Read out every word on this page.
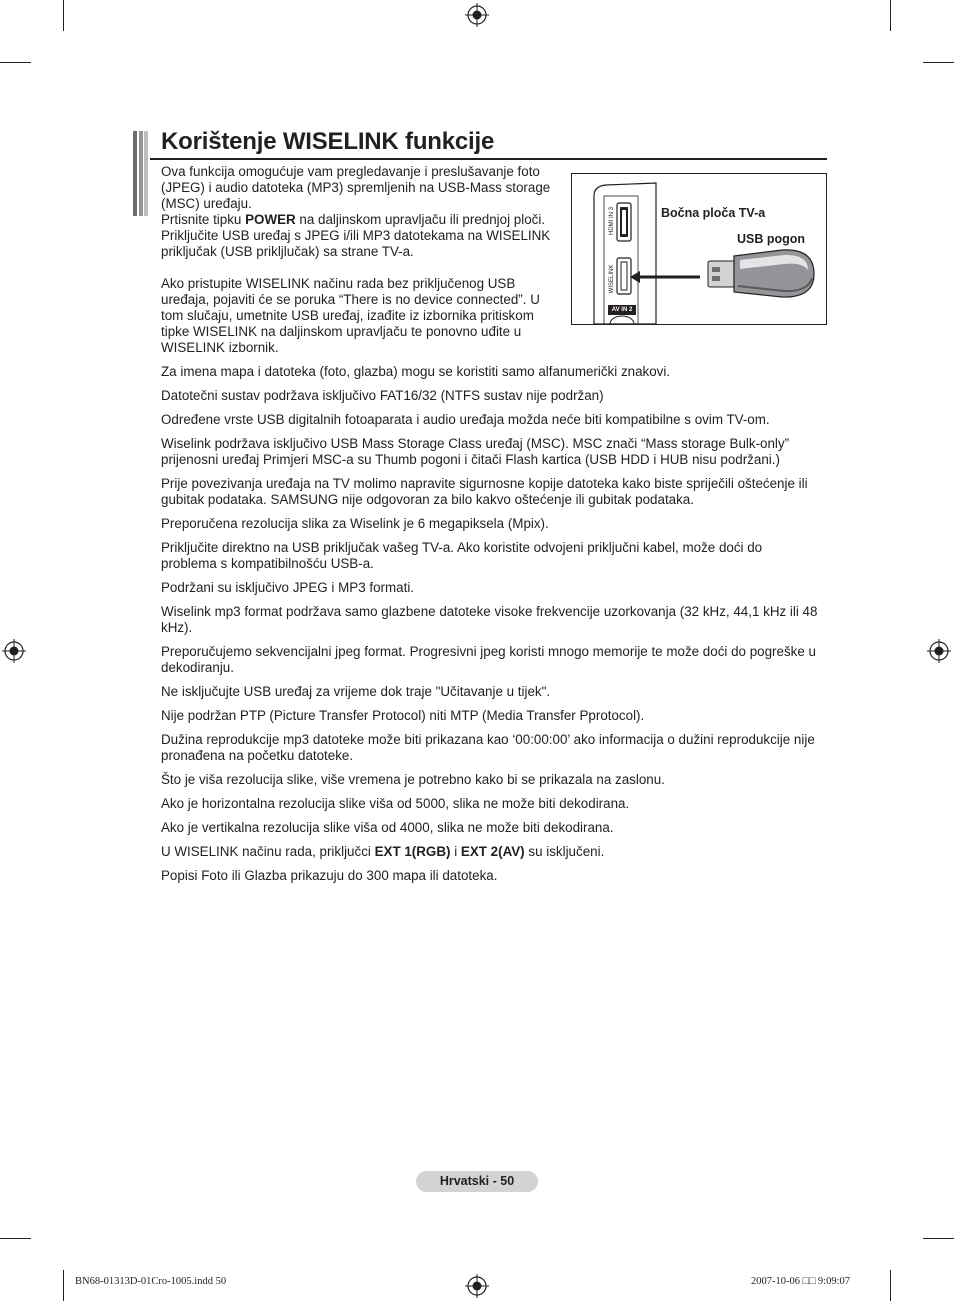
Korištenje WISELINK funkcije

Ova funkcija omogućuje vam pregledavanje i preslušavanje foto (JPEG) i audio datoteka (MP3) spremljenih na USB-Mass storage (MSC) uređaju.

Prtisnite tipku POWER na daljinskom upravljaču ili prednjoj ploči. Priključite USB uređaj s JPEG i/ili MP3 datotekama na WISELINK priključak (USB prikljlučak) sa strane TV-a.

Ako pristupite WISELINK načinu rada bez priključenog USB uređaja, pojaviti će se poruka “There is no device connected”. U tom slučaju, umetnite USB uređaj, izađite iz izbornika pritiskom tipke WISELINK na daljinskom upravljaču te ponovno uđite u WISELINK izbornik.

HDMI IN 3
WISELINK
AV IN 2
Bočna ploča TV-a
USB pogon

Za imena mapa i datoteka (foto, glazba) mogu se koristiti samo alfanumerički znakovi.

Datotečni sustav podržava isključivo FAT16/32 (NTFS sustav nije podržan)

Određene vrste USB digitalnih fotoaparata i audio uređaja možda neće biti kompatibilne s ovim TV-om.

Wiselink podržava isključivo USB Mass Storage Class uređaj (MSC). MSC znači “Mass storage Bulk-only” prijenosni uređaj Primjeri MSC-a su Thumb pogoni i čitači Flash kartica (USB HDD i HUB nisu podržani.)

Prije povezivanja uređaja na TV molimo napravite sigurnosne kopije datoteka kako biste spriječili oštećenje ili gubitak podataka. SAMSUNG nije odgovoran za bilo kakvo oštećenje ili gubitak podataka.

Preporučena rezolucija slika za Wiselink je 6 megapiksela (Mpix).

Priključite direktno na USB priključak vašeg TV-a. Ako koristite odvojeni priključni kabel, može doći do problema s kompatibilnošću USB-a.

Podržani su isključivo JPEG i MP3 formati.

Wiselink mp3 format podržava samo glazbene datoteke visoke frekvencije uzorkovanja (32 kHz, 44,1 kHz ili 48 kHz).

Preporučujemo sekvencijalni jpeg format. Progresivni jpeg koristi mnogo memorije te može doći do pogreške u dekodiranju.

Ne isključujte USB uređaj za vrijeme dok traje "Učitavanje u tijek".

Nije podržan PTP (Picture Transfer Protocol) niti MTP (Media Transfer Pprotocol).

Dužina reprodukcije mp3 datoteke može biti prikazana kao ‘00:00:00’ ako informacija o dužini reprodukcije nije pronađena na početku datoteke.

Što je viša rezolucija slike, više vremena je potrebno kako bi se prikazala na zaslonu.

Ako je horizontalna rezolucija slike viša od 5000, slika ne može biti dekodirana.

Ako je vertikalna rezolucija slike viša od 4000, slika ne može biti dekodirana.

U WISELINK načinu rada, priključci EXT 1(RGB) i EXT 2(AV) su isključeni.

Popisi Foto ili Glazba prikazuju do 300 mapa ili datoteka.

Hrvatski - 50
BN68-01313D-01Cro-1005.indd 50	2007-10-06 □□ 9:09:07
